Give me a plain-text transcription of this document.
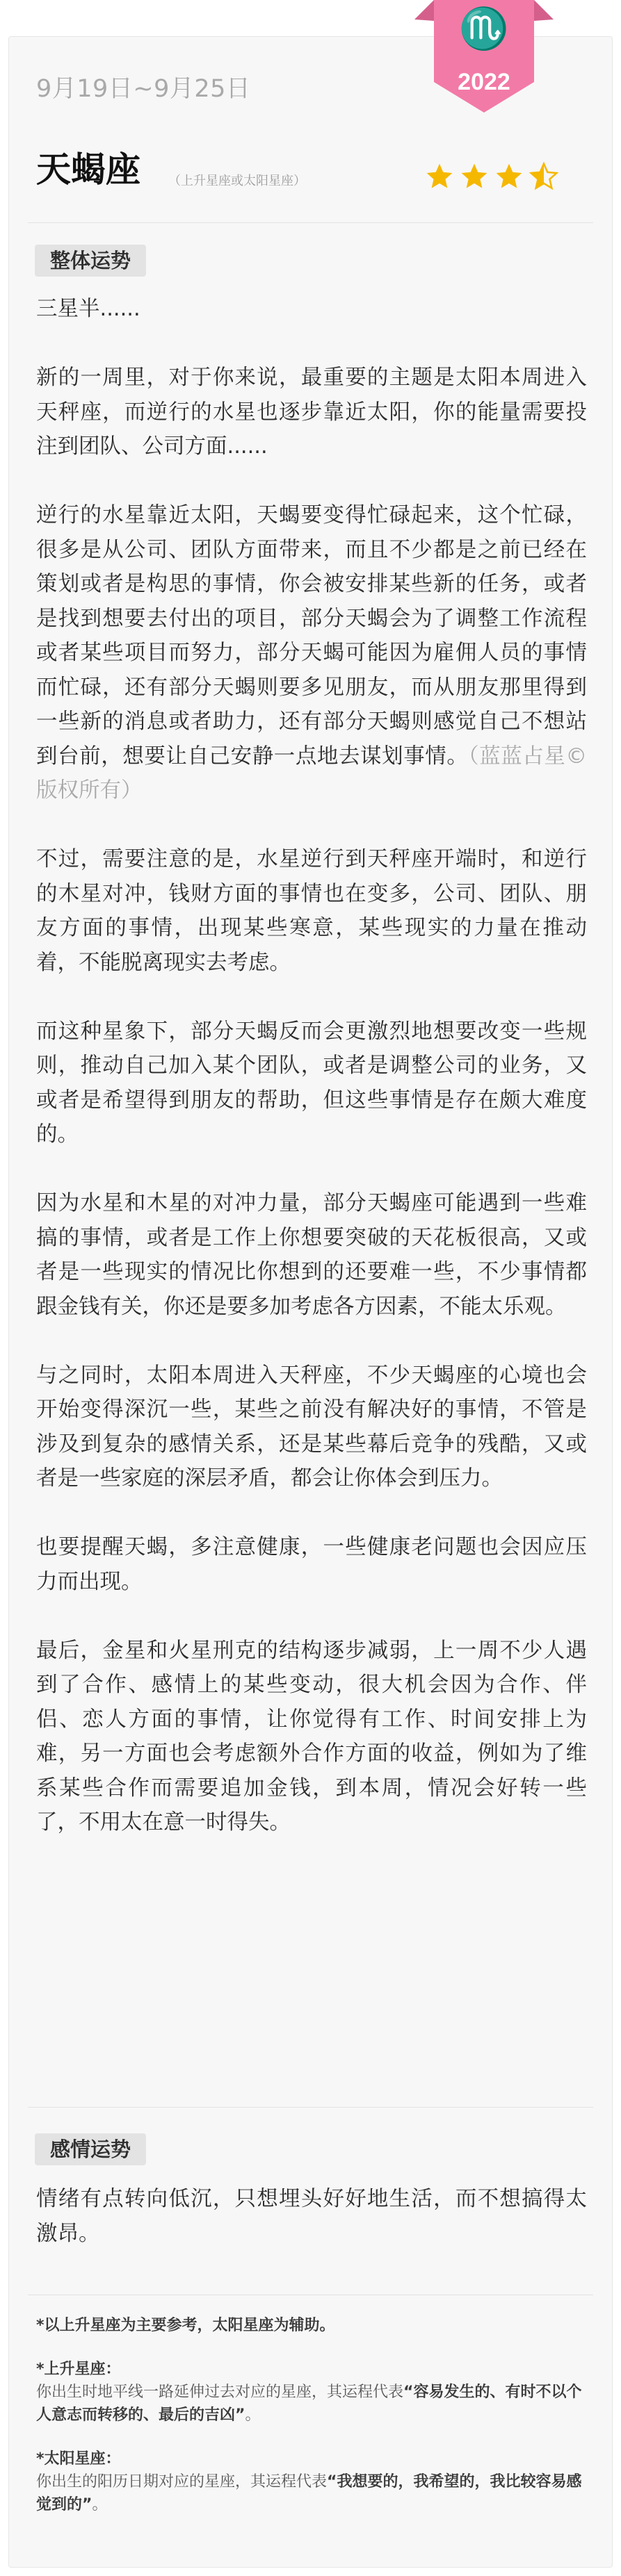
♏
2022
9月19日~9月25日
天蝎座 （上升星座或太阳星座）
整体运势

三星半......

新的一周里，对于你来说，最重要的主题是太阳本周进入天秤座，而逆行的水星也逐步靠近太阳，你的能量需要投注到团队、公司方面......

逆行的水星靠近太阳，天蝎要变得忙碌起来，这个忙碌，很多是从公司、团队方面带来，而且不少都是之前已经在策划或者是构思的事情，你会被安排某些新的任务，或者是找到想要去付出的项目，部分天蝎会为了调整工作流程或者某些项目而努力，部分天蝎可能因为雇佣人员的事情而忙碌，还有部分天蝎则要多见朋友，而从朋友那里得到一些新的消息或者助力，还有部分天蝎则感觉自己不想站到台前，想要让自己安静一点地去谋划事情。（蓝蓝占星©版权所有）

不过，需要注意的是，水星逆行到天秤座开端时，和逆行的木星对冲，钱财方面的事情也在变多，公司、团队、朋友方面的事情，出现某些寒意，某些现实的力量在推动着，不能脱离现实去考虑。

而这种星象下，部分天蝎反而会更激烈地想要改变一些规则，推动自己加入某个团队，或者是调整公司的业务，又或者是希望得到朋友的帮助，但这些事情是存在颇大难度的。

因为水星和木星的对冲力量，部分天蝎座可能遇到一些难搞的事情，或者是工作上你想要突破的天花板很高，又或者是一些现实的情况比你想到的还要难一些，不少事情都跟金钱有关，你还是要多加考虑各方因素，不能太乐观。

与之同时，太阳本周进入天秤座，不少天蝎座的心境也会开始变得深沉一些，某些之前没有解决好的事情，不管是涉及到复杂的感情关系，还是某些幕后竞争的残酷，又或者是一些家庭的深层矛盾，都会让你体会到压力。

也要提醒天蝎，多注意健康，一些健康老问题也会因应压力而出现。

最后，金星和火星刑克的结构逐步减弱，上一周不少人遇到了合作、感情上的某些变动，很大机会因为合作、伴侣、恋人方面的事情，让你觉得有工作、时间安排上为难，另一方面也会考虑额外合作方面的收益，例如为了维系某些合作而需要追加金钱，到本周，情况会好转一些了，不用太在意一时得失。

感情运势

情绪有点转向低沉，只想埋头好好地生活，而不想搞得太激昂。

*以上升星座为主要参考，太阳星座为辅助。
*上升星座：
你出生时地平线一路延伸过去对应的星座，其运程代表“容易发生的、有时不以个人意志而转移的、最后的吉凶”。
*太阳星座：
你出生的阳历日期对应的星座，其运程代表“我想要的，我希望的，我比较容易感觉到的”。
